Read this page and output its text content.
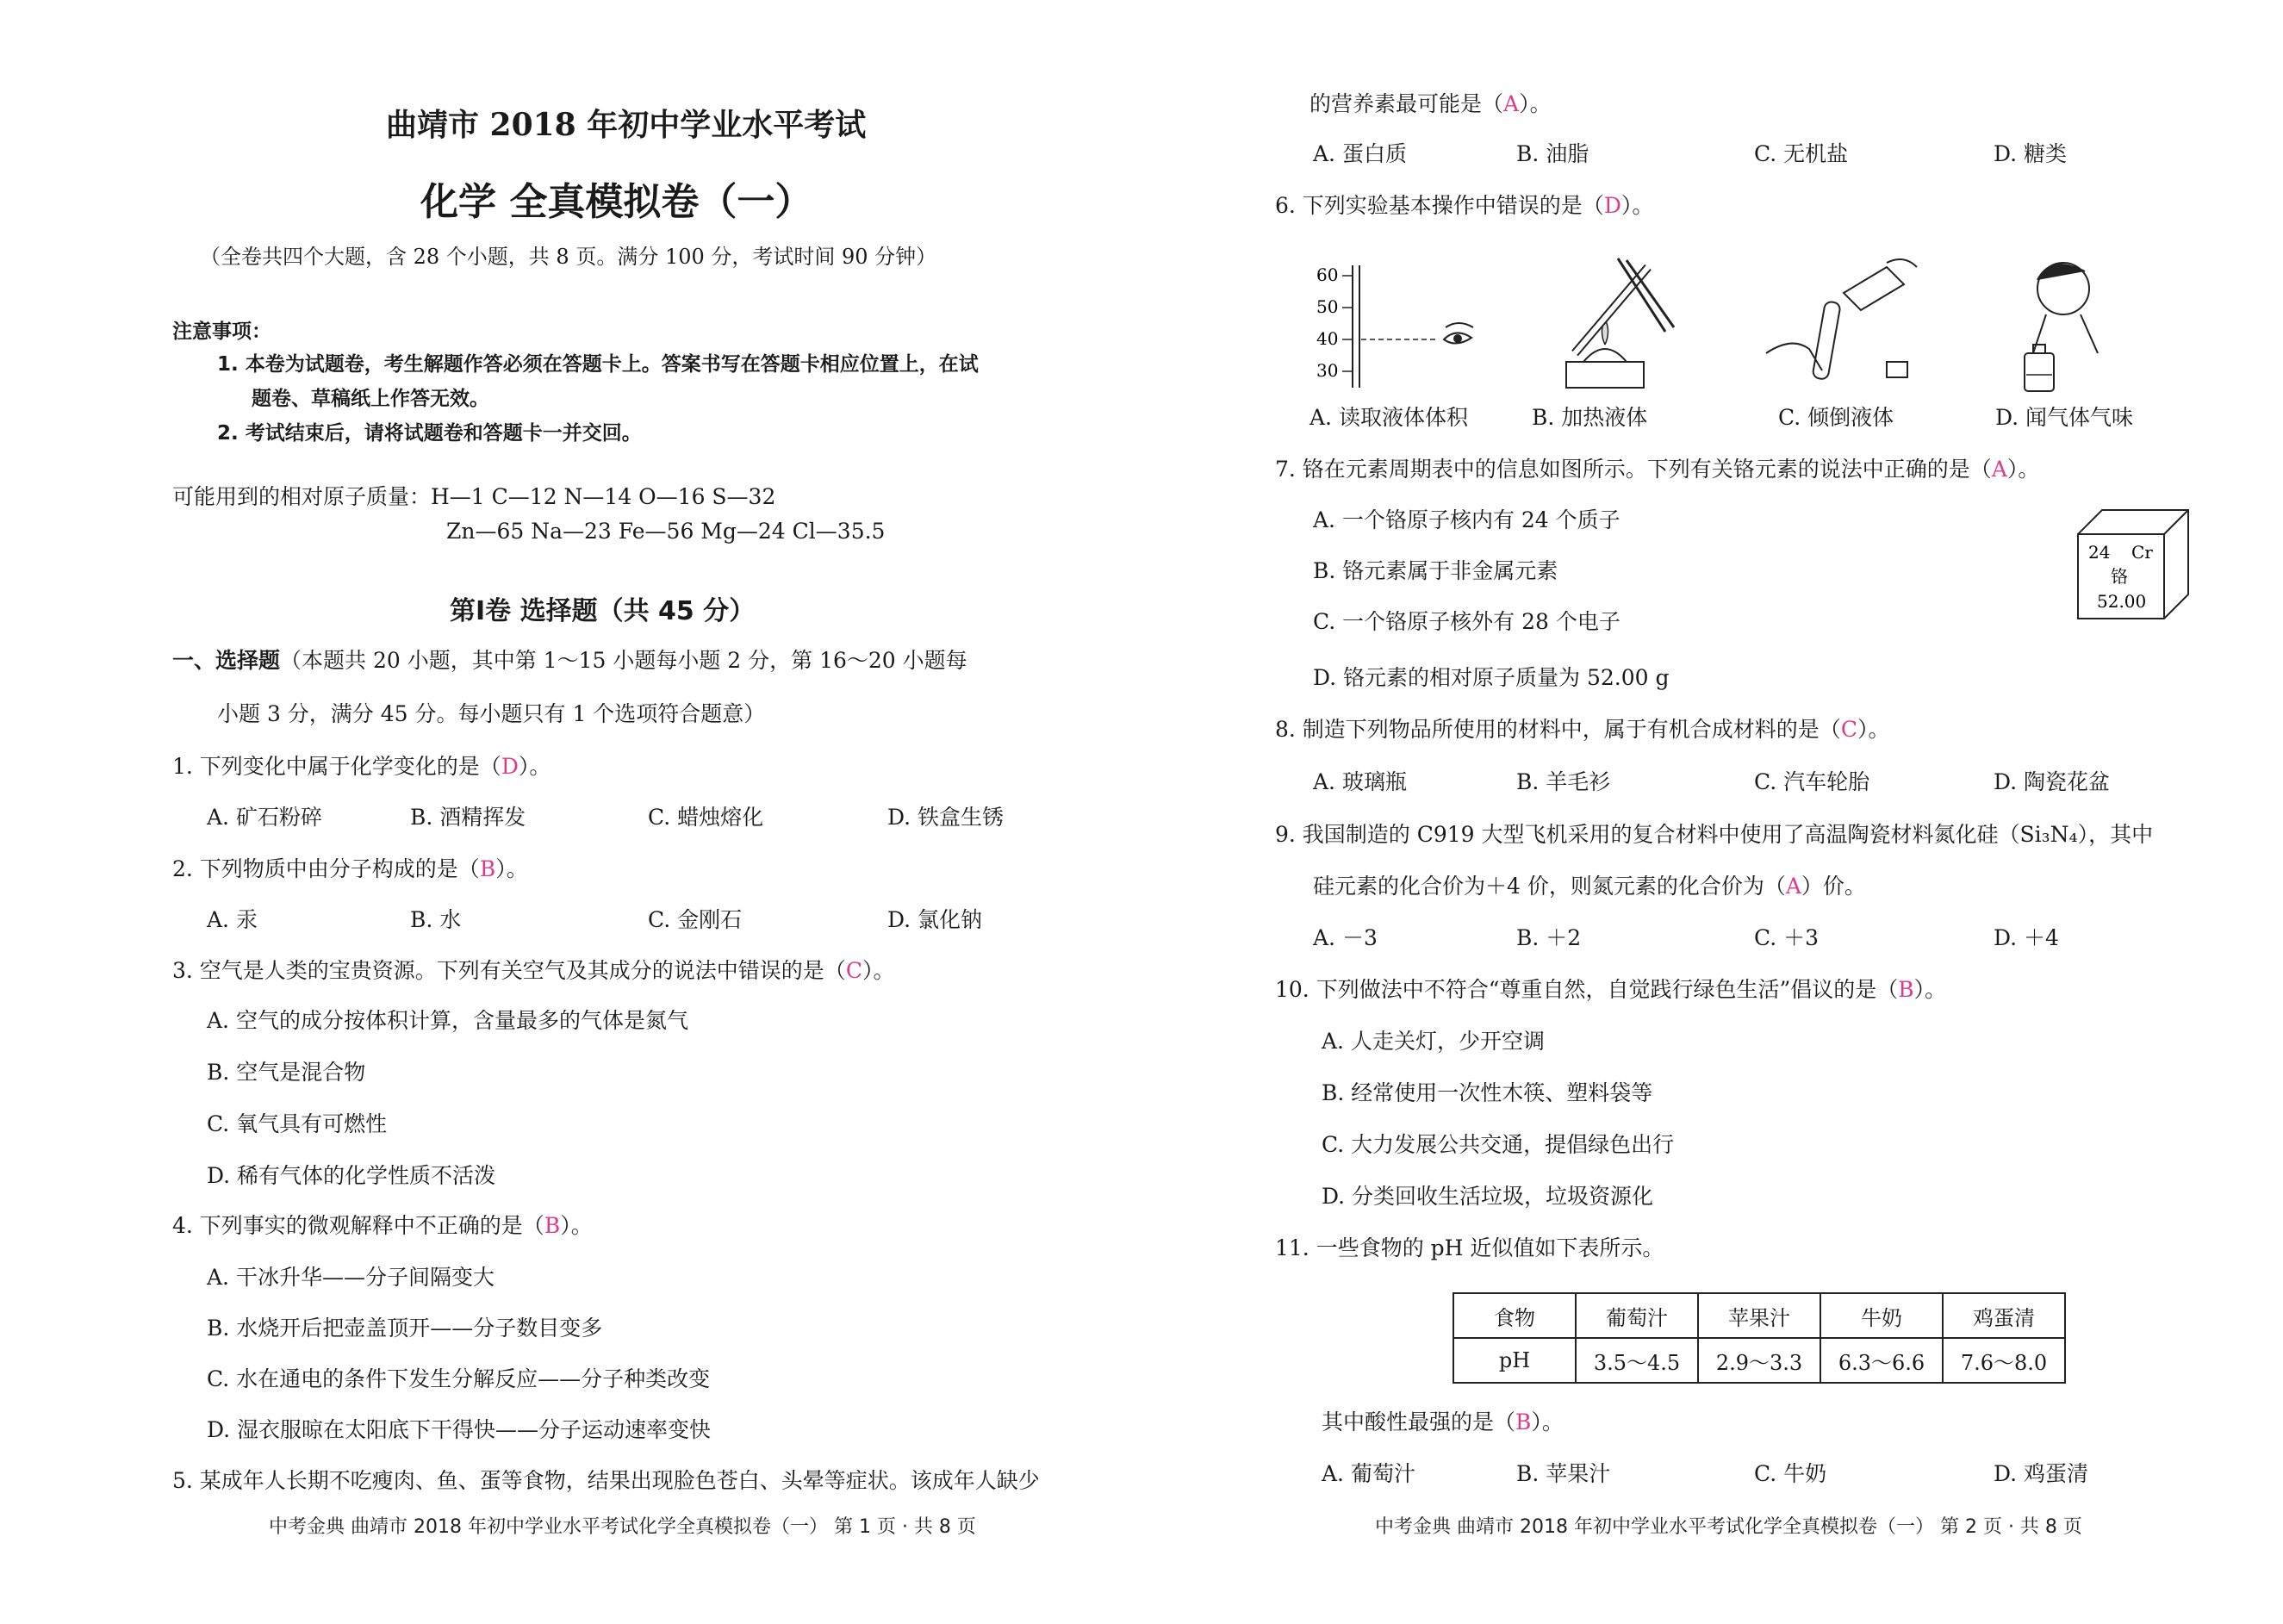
曲靖市 2018 年初中学业水平考试
化学 全真模拟卷（一）
（全卷共四个大题，含 28 个小题，共 8 页。满分 100 分，考试时间 90 分钟）
注意事项：
1. 本卷为试题卷，考生解题作答必须在答题卡上。答案书写在答题卡相应位置上，在试
题卷、草稿纸上作答无效。
2. 考试结束后，请将试题卷和答题卡一并交回。
可能用到的相对原子质量：H—1 C—12 N—14 O—16 S—32
Zn—65 Na—23 Fe—56 Mg—24 Cl—35.5
第Ⅰ卷 选择题（共 45 分）
一、选择题（本题共 20 小题，其中第 1～15 小题每小题 2 分，第 16～20 小题每
小题 3 分，满分 45 分。每小题只有 1 个选项符合题意）
1. 下列变化中属于化学变化的是（D）。
A. 矿石粉碎	B. 酒精挥发	C. 蜡烛熔化	D. 铁盒生锈
2. 下列物质中由分子构成的是（B）。
A. 汞	B. 水	C. 金刚石	D. 氯化钠
3. 空气是人类的宝贵资源。下列有关空气及其成分的说法中错误的是（C）。
A. 空气的成分按体积计算，含量最多的气体是氮气
B. 空气是混合物
C. 氧气具有可燃性
D. 稀有气体的化学性质不活泼
4. 下列事实的微观解释中不正确的是（B）。
A. 干冰升华——分子间隔变大
B. 水烧开后把壶盖顶开——分子数目变多
C. 水在通电的条件下发生分解反应——分子种类改变
D. 湿衣服晾在太阳底下干得快——分子运动速率变快
5. 某成年人长期不吃瘦肉、鱼、蛋等食物，结果出现脸色苍白、头晕等症状。该成年人缺少
中考金典 曲靖市 2018 年初中学业水平考试化学全真模拟卷（一） 第 1 页 · 共 8 页
的营养素最可能是（A）。
A. 蛋白质	B. 油脂	C. 无机盐	D. 糖类
6. 下列实验基本操作中错误的是（D）。
60
50
40
30
A. 读取液体体积	B. 加热液体	C. 倾倒液体	D. 闻气体气味
7. 铬在元素周期表中的信息如图所示。下列有关铬元素的说法中正确的是（A）。
A. 一个铬原子核内有 24 个质子
B. 铬元素属于非金属元素
C. 一个铬原子核外有 28 个电子
D. 铬元素的相对原子质量为 52.00 g
24 Cr
铬
52.00
8. 制造下列物品所使用的材料中，属于有机合成材料的是（C）。
A. 玻璃瓶	B. 羊毛衫	C. 汽车轮胎	D. 陶瓷花盆
9. 我国制造的 C919 大型飞机采用的复合材料中使用了高温陶瓷材料氮化硅（Si₃N₄），其中
硅元素的化合价为＋4 价，则氮元素的化合价为（A）价。
A. －3	B. ＋2	C. ＋3	D. ＋4
10. 下列做法中不符合“尊重自然，自觉践行绿色生活”倡议的是（B）。
A. 人走关灯，少开空调
B. 经常使用一次性木筷、塑料袋等
C. 大力发展公共交通，提倡绿色出行
D. 分类回收生活垃圾，垃圾资源化
11. 一些食物的 pH 近似值如下表所示。
食物	葡萄汁	苹果汁	牛奶	鸡蛋清
pH	3.5～4.5	2.9～3.3	6.3～6.6	7.6～8.0
其中酸性最强的是（B）。
A. 葡萄汁	B. 苹果汁	C. 牛奶	D. 鸡蛋清
中考金典 曲靖市 2018 年初中学业水平考试化学全真模拟卷（一） 第 2 页 · 共 8 页
